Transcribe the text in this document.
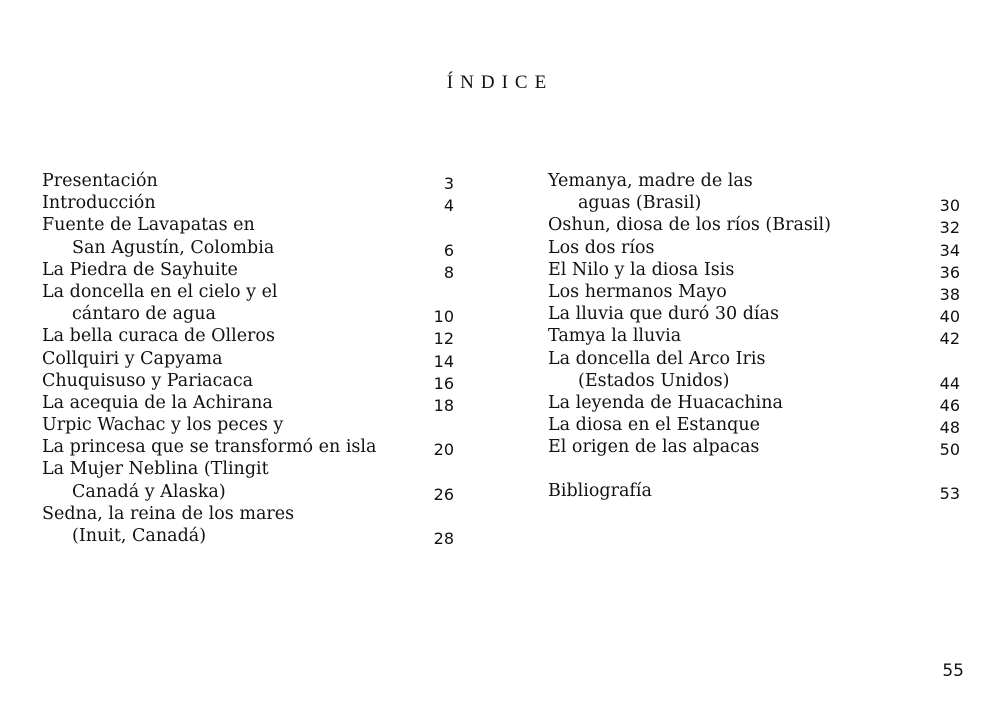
ÍNDICE
Presentación	3
Introducción	4
Fuente de Lavapatas en
San Agustín, Colombia	6
La Piedra de Sayhuite	8
La doncella en el cielo y el
cántaro de agua	10
La bella curaca de Olleros	12
Collquiri y Capyama	14
Chuquisuso y Pariacaca	16
La acequia de la Achirana	18
Urpic Wachac y los peces y
La princesa que se transformó en isla	20
La Mujer Neblina (Tlingit
Canadá y Alaska)	26
Sedna, la reina de los mares
(Inuit, Canadá)	28
Yemanya, madre de las
aguas (Brasil)	30
Oshun, diosa de los ríos (Brasil)	32
Los dos ríos	34
El Nilo y la diosa Isis	36
Los hermanos Mayo	38
La lluvia que duró 30 días	40
Tamya la lluvia	42
La doncella del Arco Iris
(Estados Unidos)	44
La leyenda de Huacachina	46
La diosa en el Estanque	48
El origen de las alpacas	50
Bibliografía	53
55
